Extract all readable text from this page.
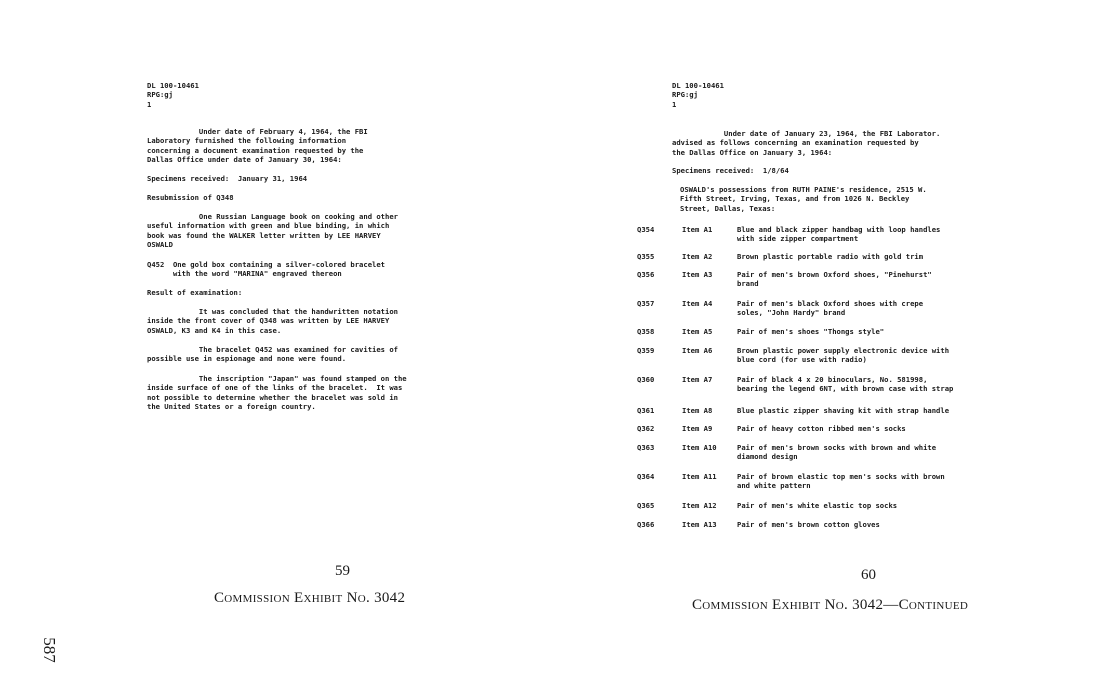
DL 100-10461
RPG:gj
1
Under date of February 4, 1964, the FBI
Laboratory furnished the following information
concerning a document examination requested by the
Dallas Office under date of January 30, 1964:
Specimens received:  January 31, 1964
Resubmission of Q348
One Russian Language book on cooking and other
useful information with green and blue binding, in which
book was found the WALKER letter written by LEE HARVEY
OSWALD
Q452  One gold box containing a silver-colored bracelet
with the word "MARINA" engraved thereon
Result of examination:
It was concluded that the handwritten notation
inside the front cover of Q348 was written by LEE HARVEY
OSWALD, K3 and K4 in this case.
The bracelet Q452 was examined for cavities of
possible use in espionage and none were found.
The inscription "Japan" was found stamped on the
inside surface of one of the links of the bracelet.  It was
not possible to determine whether the bracelet was sold in
the United States or a foreign country.
59
Commission Exhibit No. 3042
DL 100-10461
RPG:gj
1
Under date of January 23, 1964, the FBI Laborator.
advised as follows concerning an examination requested by
the Dallas Office on January 3, 1964:
Specimens received:  1/8/64
OSWALD's possessions from RUTH PAINE's residence, 2515 W.
Fifth Street, Irving, Texas, and from 1026 N. Beckley
Street, Dallas, Texas:
Q354	Item A1	Blue and black zipper handbag with loop handles
with side zipper compartment
Q355	Item A2	Brown plastic portable radio with gold trim
Q356	Item A3	Pair of men's brown Oxford shoes, "Pinehurst"
brand
Q357	Item A4	Pair of men's black Oxford shoes with crepe
soles, "John Hardy" brand
Q358	Item A5	Pair of men's shoes "Thongs style"
Q359	Item A6	Brown plastic power supply electronic device with
blue cord (for use with radio)
Q360	Item A7	Pair of black 4 x 20 binoculars, No. 581998,
bearing the legend 6NT, with brown case with strap
Q361	Item A8	Blue plastic zipper shaving kit with strap handle
Q362	Item A9	Pair of heavy cotton ribbed men's socks
Q363	Item A10	Pair of men's brown socks with brown and white
diamond design
Q364	Item A11	Pair of brown elastic top men's socks with brown
and white pattern
Q365	Item A12	Pair of men's white elastic top socks
Q366	Item A13	Pair of men's brown cotton gloves
60
Commission Exhibit No. 3042—Continued
587
